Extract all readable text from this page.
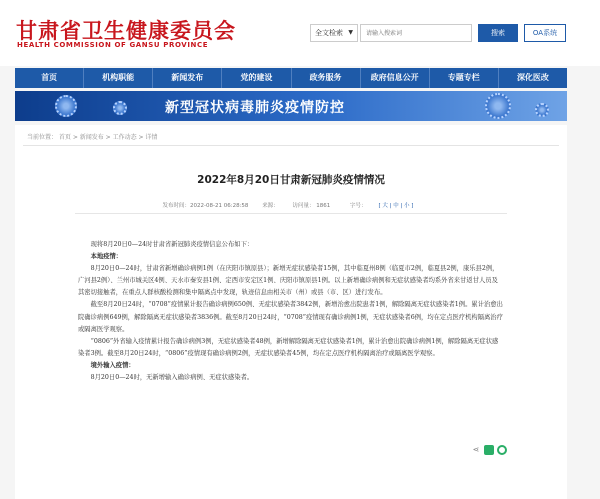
甘肃省卫生健康委员会
HEALTH COMMISSION OF GANSU PROVINCE
全文检索 ▼
请输入搜索词	搜索	OA系统
首页	机构职能	新闻发布	党的建设	政务服务	政府信息公开	专题专栏	深化医改
新型冠状病毒肺炎疫情防控
当前位置： 首页 > 新闻发布 > 工作动态 > 详情
2022年8月20日甘肃新冠肺炎疫情情况
发布时间：2022-08-21 06:28:58	来源：	访问量： 1861	字号： [ 大 | 中 | 小 ]

现将8月20日0—24时甘肃省新冠肺炎疫情信息公布如下：

本地疫情：

8月20日0—24时，甘肃省新增确诊病例1例（在庆阳市镇原县）；新增无症状感染者15例，其中临夏州8例（临夏市2例，临夏县2例，康乐县2例，广河县2例）、兰州市城关区4例、天水市秦安县1例、定西市安定区1例、庆阳市镇原县1例。以上新增确诊病例和无症状感染者均系外省来甘返甘人员及其密切接触者，在重点人群核酸检测和集中隔离点中发现，轨迹信息由相关市（州）或县（市、区）进行发布。

截至8月20日24时，“0708”疫情累计报告确诊病例650例、无症状感染者3842例，新增治愈出院患者1例，解除隔离无症状感染者1例。累计治愈出院确诊病例649例，解除隔离无症状感染者3836例。截至8月20日24时，“0708”疫情现有确诊病例1例，无症状感染者6例，均在定点医疗机构隔离治疗或隔离医学观察。

“0806”外省输入疫情累计报告确诊病例3例，无症状感染者48例，新增解除隔离无症状感染者1例，累计治愈出院确诊病例1例，解除隔离无症状感染者3例。截至8月20日24时，“0806”疫情现有确诊病例2例，无症状感染者45例，均在定点医疗机构隔离治疗或隔离医学观察。

境外输入疫情：

8月20日0—24时，无新增输入确诊病例、无症状感染者。

⋖
